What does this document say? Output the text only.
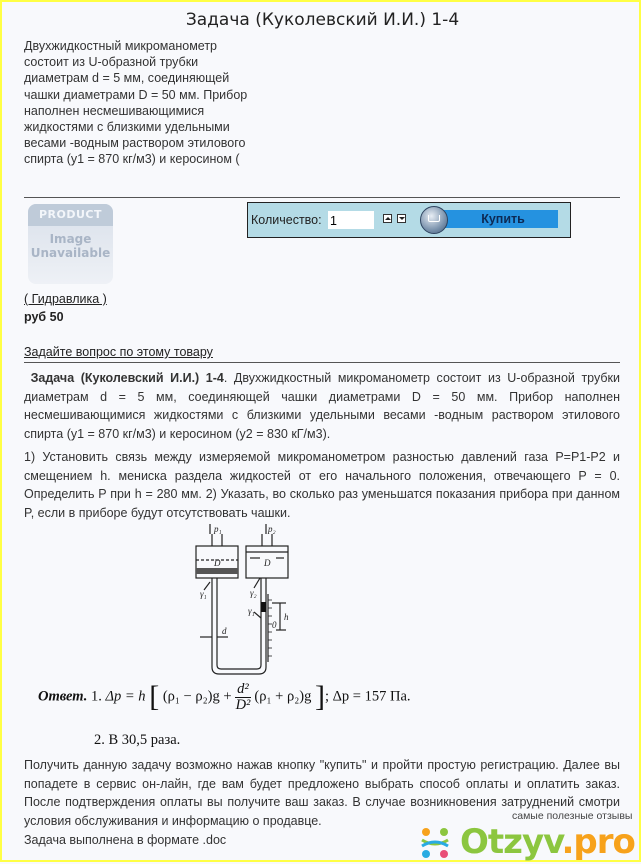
Задача (Куколевский И.И.) 1-4
Двухжидкостный микроманометр состоит из U-образной трубки диаметрам d = 5 мм, соединяющей чашки диаметрами D = 50 мм. Прибор наполнен несмешивающимися жидкостями с близкими удельными весами -водным раствором этилового спирта (у1 = 870 кг/м3) и керосином (
PRODUCT
Image
Unavailable
( Гидравлика )
руб 50
Количество:
1	Купить
Задайте вопрос по этому товару
Задача (Куколевский И.И.) 1-4. Двухжидкостный микроманометр состоит из U-образной трубки диаметрам d = 5 мм, соединяющей чашки диаметрами D = 50 мм. Прибор наполнен несмешивающимися жидкостями с близкими удельными весами -водным раствором этилового спирта (у1 = 870 кг/м3) и керосином (у2 = 830 кГ/м3).
1) Установить связь между измеряемой микроманометром разностью давлений газа P=P1-P2 и смещением h. мениска раздела жидкостей от его начального положения, отвечающего P = 0. Определить P при h = 280 мм. 2) Указать, во сколько раз уменьшатся показания прибора при данном P, если в приборе будут отсутствовать чашки.
p₁	p₂
D	D
γ₁	γ₂
γ₁
d
h
0
Ответ. 1. Δp = h [ $(\rho_1 - \rho_2)g + \frac{\text{d²}}{\text{D²}} (\rho_1 + \rho_2)g$ ]; Δp = 157 Па.
2. В 30,5 раза.
Получить данную задачу возможно нажав кнопку "купить" и пройти простую регистрацию. Далее вы попадете в сервис он-лайн, где вам будет предложено выбрать способ оплаты и оплатить заказ. После подтверждения оплаты вы получите ваш заказ. В случае возникновения затруднений смотри условия обслуживания и информацию о продавце.
Задача выполнена в формате .doc
самые полезные отзывы
Otzyv.pro
